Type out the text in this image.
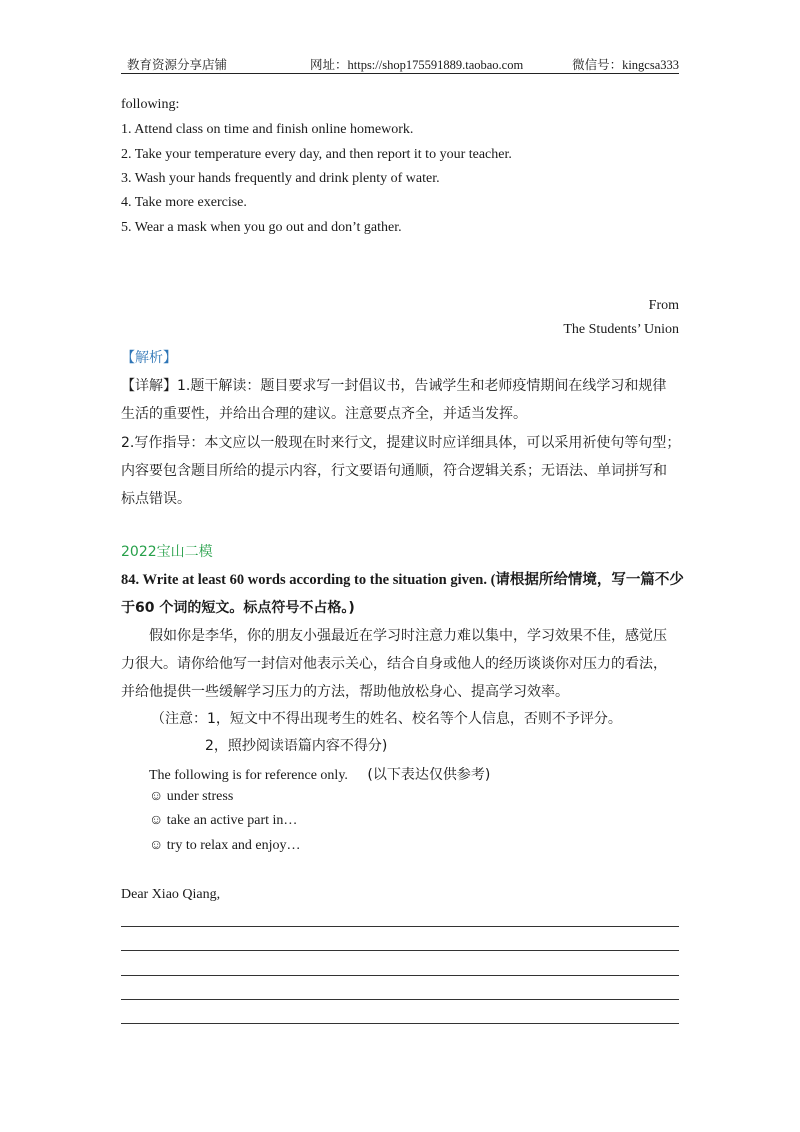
教育资源分享店铺	网址：https://shop175591889.taobao.com	微信号：kingcsa333
following:
1. Attend class on time and finish online homework.
2. Take your temperature every day, and then report it to your teacher.
3. Wash your hands frequently and drink plenty of water.
4. Take more exercise.
5. Wear a mask when you go out and don’t gather.
From
The Students’ Union
【解析】
【详解】1.题干解读：题目要求写一封倡议书，告诫学生和老师疫情期间在线学习和规律
生活的重要性，并给出合理的建议。注意要点齐全，并适当发挥。
2.写作指导：本文应以一般现在时来行文，提建议时应详细具体，可以采用祈使句等句型；
内容要包含题目所给的提示内容，行文要语句通顺，符合逻辑关系；无语法、单词拼写和
标点错误。
2022宝山二模
84. Write at least 60 words according to the situation given. (请根据所给情境，写一篇不少
于60 个词的短文。标点符号不占格。)
假如你是李华，你的朋友小强最近在学习时注意力难以集中，学习效果不佳，感觉压
力很大。请你给他写一封信对他表示关心，结合自身或他人的经历谈谈你对压力的看法，
并给他提供一些缓解学习压力的方法，帮助他放松身心、提高学习效率。
（注意：1，短文中不得出现考生的姓名、校名等个人信息，否则不予评分。
2，照抄阅读语篇内容不得分)
The following is for reference only. (以下表达仅供参考)
☺ under stress
☺ take an active part in…
☺ try to relax and enjoy…
Dear Xiao Qiang,
